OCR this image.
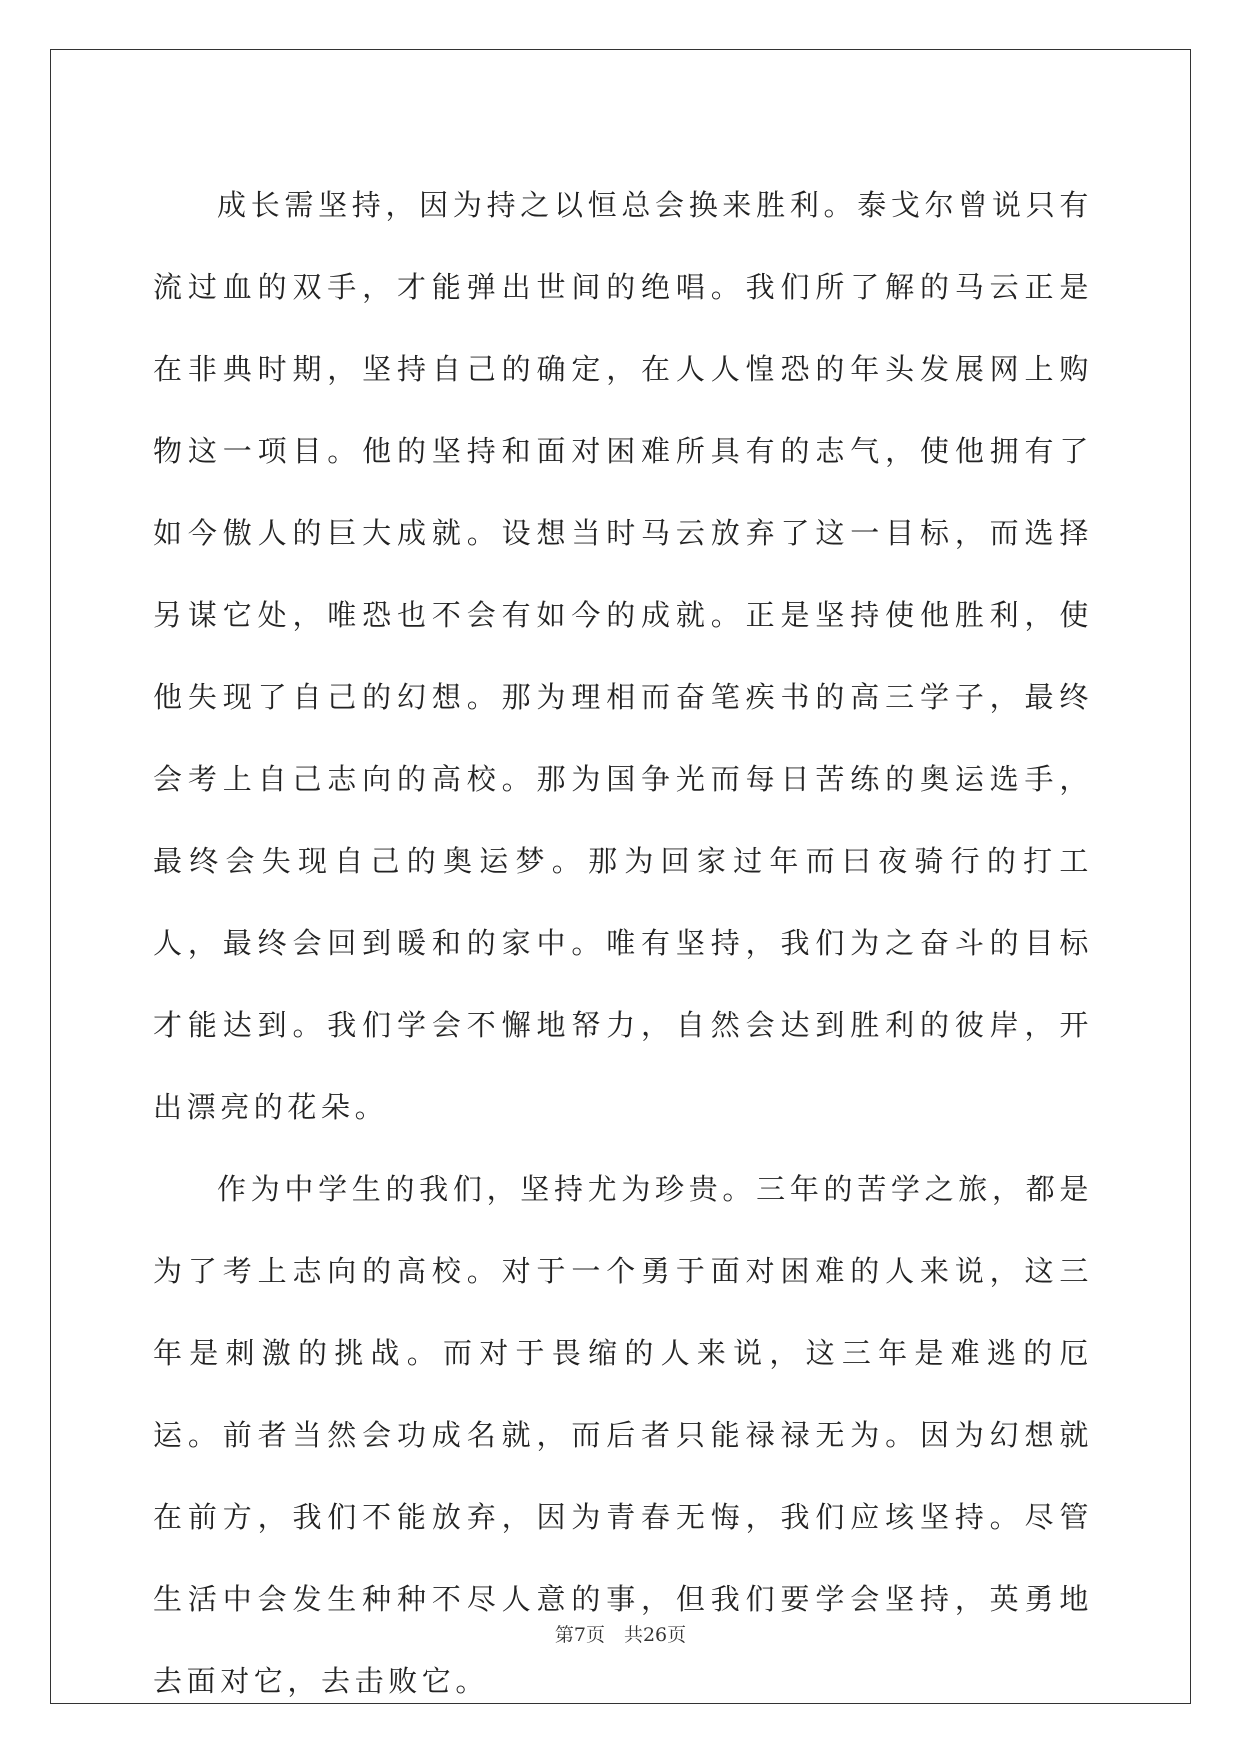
成长需坚持，因为持之以恒总会换来胜利。泰戈尔曾说只有流过血的双手，才能弹出世间的绝唱。我们所了解的马云正是在非典时期，坚持自己的确定，在人人惶恐的年头发展网上购物这一项目。他的坚持和面对困难所具有的志气，使他拥有了如今傲人的巨大成就。设想当时马云放弃了这一目标，而选择另谋它处，唯恐也不会有如今的成就。正是坚持使他胜利，使他失现了自己的幻想。那为理相而奋笔疾书的高三学子，最终会考上自己志向的高校。那为国争光而每日苦练的奥运选手，最终会失现自己的奥运梦。那为回家过年而曰夜骑行的打工人，最终会回到暖和的家中。唯有坚持，我们为之奋斗的目标才能达到。我们学会不懈地帑力，自然会达到胜利的彼岸，开出漂亮的花朵。

作为中学生的我们，坚持尤为珍贵。三年的苦学之旅，都是为了考上志向的高校。对于一个勇于面对困难的人来说，这三年是刺激的挑战。而对于畏缩的人来说，这三年是难逃的厄运。前者当然会功成名就，而后者只能禄禄无为。因为幻想就在前方，我们不能放弃，因为青春无悔，我们应垓坚持。尽管生活中会发生种种不尽人意的事，但我们要学会坚持，英勇地去面对它，去击败它。

第7页　共26页
